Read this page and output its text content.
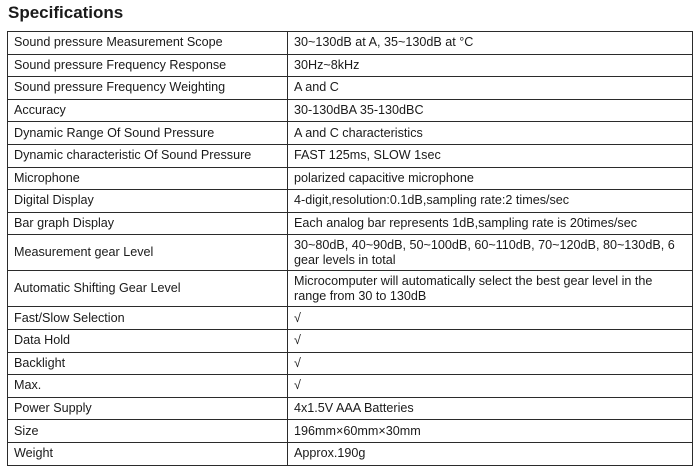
Specifications
Sound pressure Measurement Scope	30~130dB at A, 35~130dB at °C
Sound pressure Frequency Response	30Hz~8kHz
Sound pressure Frequency Weighting	A and C
Accuracy	30-130dBA 35-130dBC
Dynamic Range Of Sound Pressure	A and C characteristics
Dynamic characteristic Of Sound Pressure	FAST 125ms, SLOW 1sec
Microphone	polarized capacitive microphone
Digital Display	4-digit,resolution:0.1dB,sampling rate:2 times/sec
Bar graph Display	Each analog bar represents 1dB,sampling rate is 20times/sec
Measurement gear Level	30~80dB, 40~90dB, 50~100dB, 60~110dB, 70~120dB, 80~130dB, 6 gear levels in total
Automatic Shifting Gear Level	Microcomputer will automatically select the best gear level in the range from 30 to 130dB
Fast/Slow Selection	√
Data Hold	√
Backlight	√
Max.	√
Power Supply	4x1.5V AAA Batteries
Size	196mm×60mm×30mm
Weight	Approx.190g
